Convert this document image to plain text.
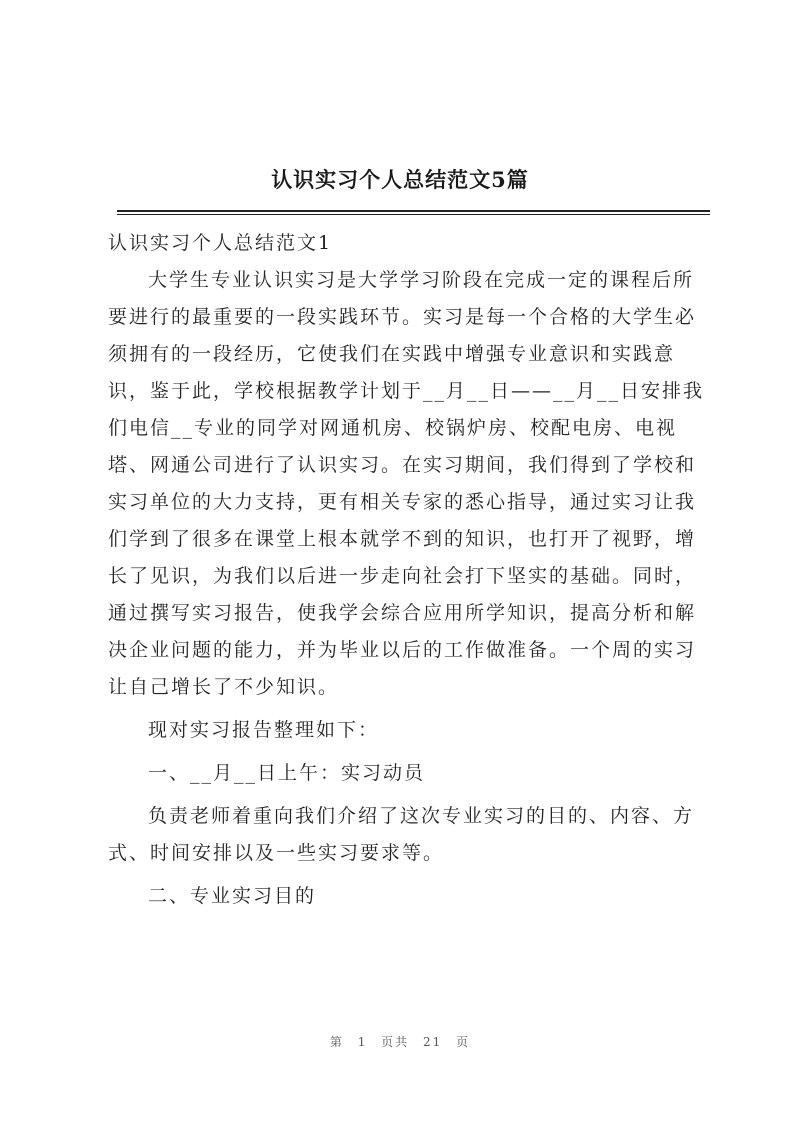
认识实习个人总结范文5篇

认识实习个人总结范文1

大学生专业认识实习是大学学习阶段在完成一定的课程后所要进行的最重要的一段实践环节。实习是每一个合格的大学生必须拥有的一段经历，它使我们在实践中增强专业意识和实践意识，鉴于此，学校根据教学计划于__月__日——__月__日安排我们电信__专业的同学对网通机房、校锅炉房、校配电房、电视塔、网通公司进行了认识实习。在实习期间，我们得到了学校和实习单位的大力支持，更有相关专家的悉心指导，通过实习让我们学到了很多在课堂上根本就学不到的知识，也打开了视野，增长了见识，为我们以后进一步走向社会打下坚实的基础。同时，通过撰写实习报告，使我学会综合应用所学知识，提高分析和解决企业问题的能力，并为毕业以后的工作做准备。一个周的实习让自己增长了不少知识。

现对实习报告整理如下：

一、__月__日上午：实习动员

负责老师着重向我们介绍了这次专业实习的目的、内容、方式、时间安排以及一些实习要求等。

二、专业实习目的

第 1 页共 21 页
